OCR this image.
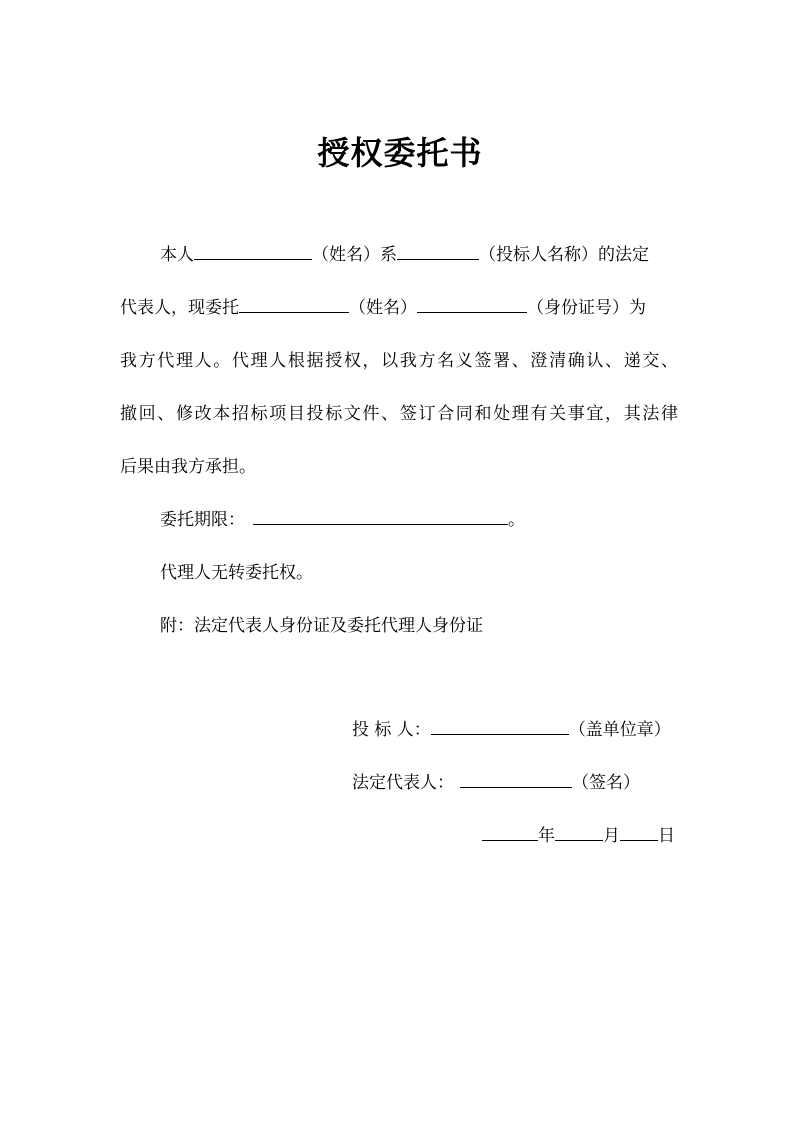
授权委托书
本人	（姓名）系	（投标人名称）的法定
代表人，现委托	（姓名）	（身份证号）为
我方代理人。代理人根据授权，以我方名义签署、澄清确认、递交、
撤回、修改本招标项目投标文件、签订合同和处理有关事宜，其法律
后果由我方承担。
委托期限：	。
代理人无转委托权。
附：法定代表人身份证及委托代理人身份证
投 标 人：	（盖单位章）
法定代表人：	（签名）
年	月 日
